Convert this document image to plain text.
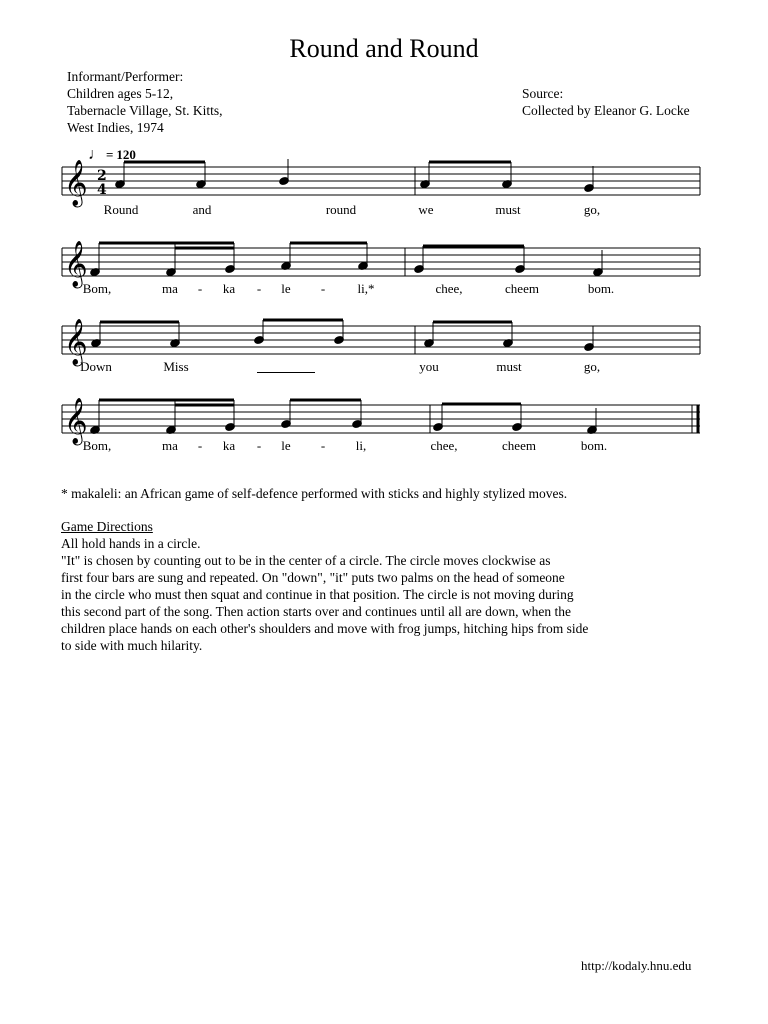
Round and Round
Informant/Performer:
Children ages 5-12,
Tabernacle Village, St. Kitts,
West Indies, 1974
Source:
Collected by Eleanor G. Locke
♩ = 120
𝄞
𝄞
𝄞
𝄞
2
4
Round	and	round	we	must	go,
Bom,	ma - ka - le - li,*	chee,	cheem	bom.
Down	Miss	you	must	go,
Bom,	ma - ka - le - li,	chee,	cheem	bom.
* makaleli: an African game of self-defence performed with sticks and highly stylized moves.
Game Directions
All hold hands in a circle.
"It" is chosen by counting out to be in the center of a circle. The circle moves clockwise as
first four bars are sung and repeated. On "down", "it" puts two palms on the head of someone
in the circle who must then squat and continue in that position. The circle is not moving during
this second part of the song. Then action starts over and continues until all are down, when the
children place hands on each other's shoulders and move with frog jumps, hitching hips from side
to side with much hilarity.
http://kodaly.hnu.edu
